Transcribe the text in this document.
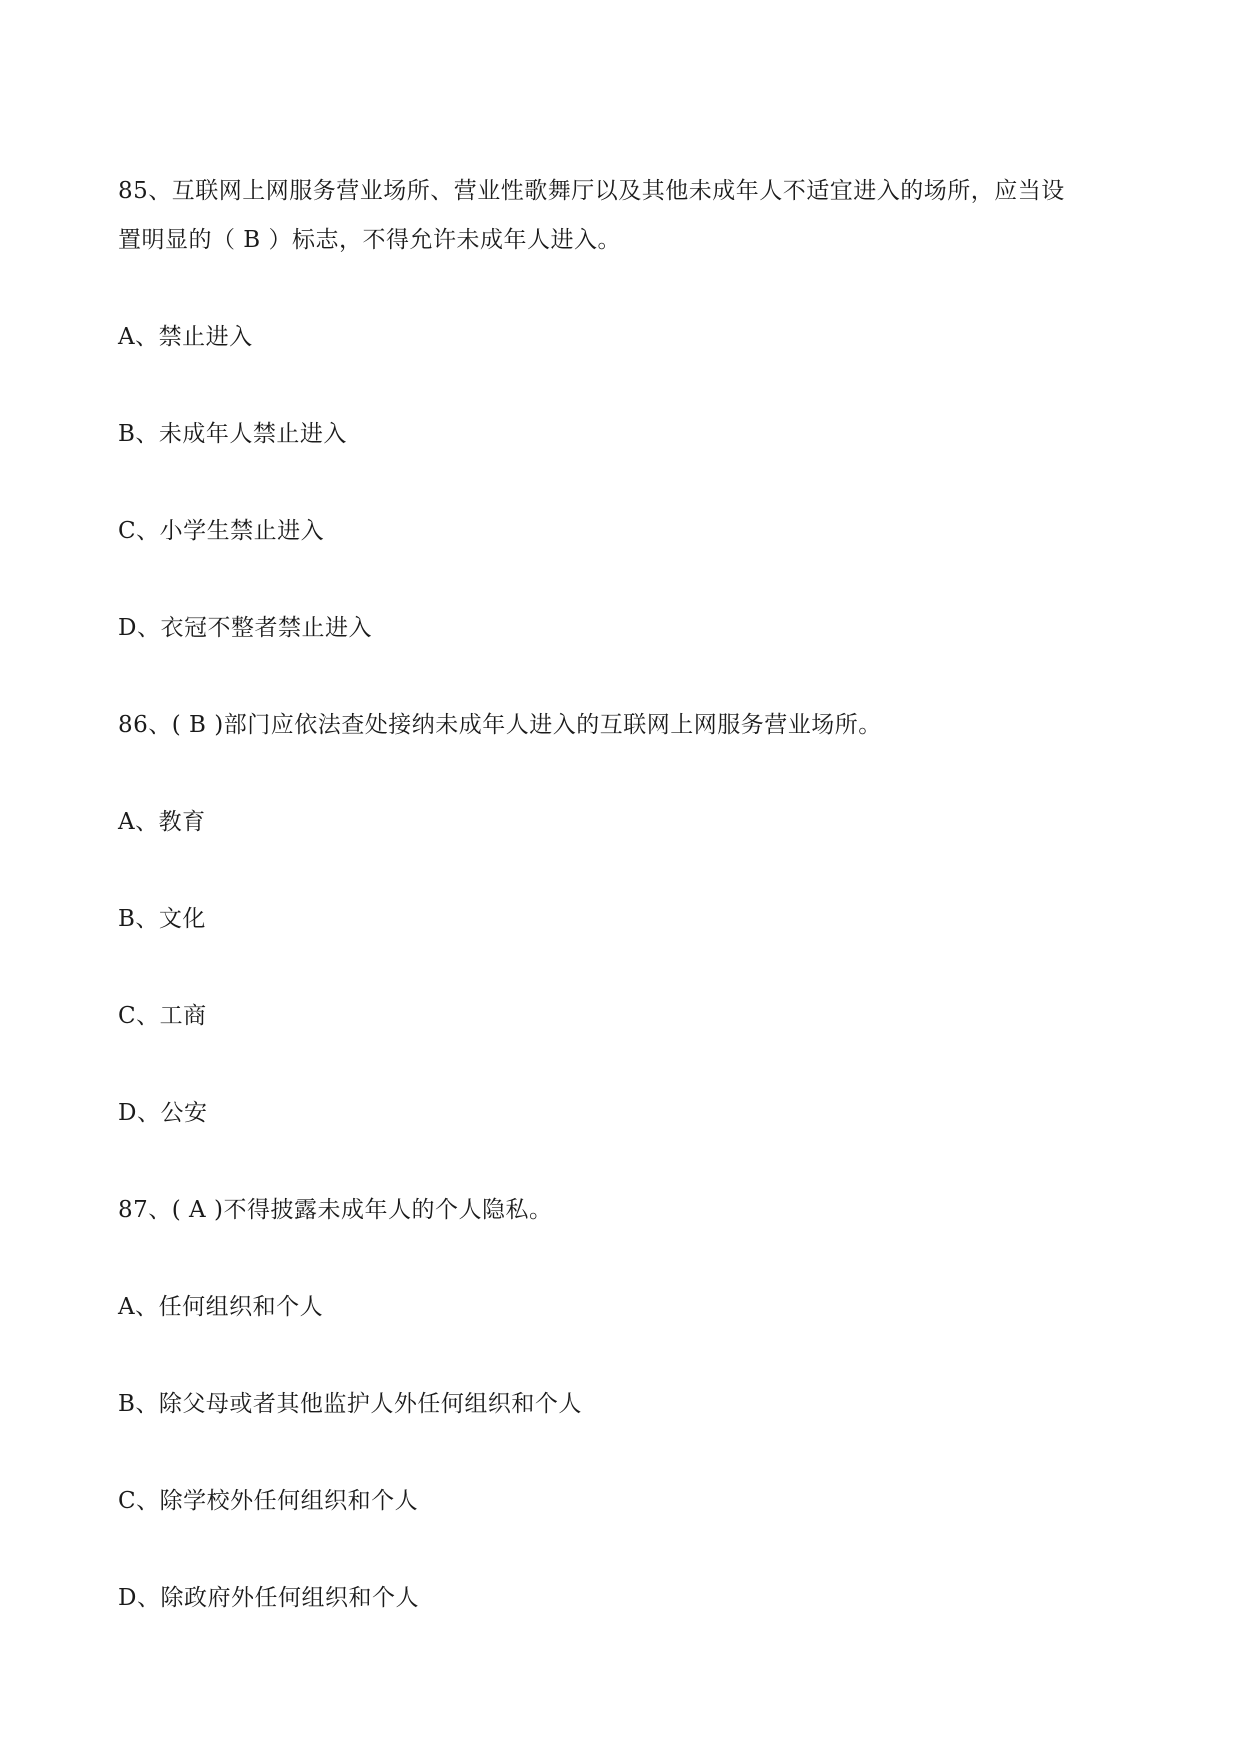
85、互联网上网服务营业场所、营业性歌舞厅以及其他未成年人不适宜进入的场所，应当设
置明显的（ B ）标志，不得允许未成年人进入。
A、禁止进入
B、未成年人禁止进入
C、小学生禁止进入
D、衣冠不整者禁止进入
86、( B )部门应依法查处接纳未成年人进入的互联网上网服务营业场所。
A、教育
B、文化
C、工商
D、公安
87、( A )不得披露未成年人的个人隐私。
A、任何组织和个人
B、除父母或者其他监护人外任何组织和个人
C、除学校外任何组织和个人
D、除政府外任何组织和个人
